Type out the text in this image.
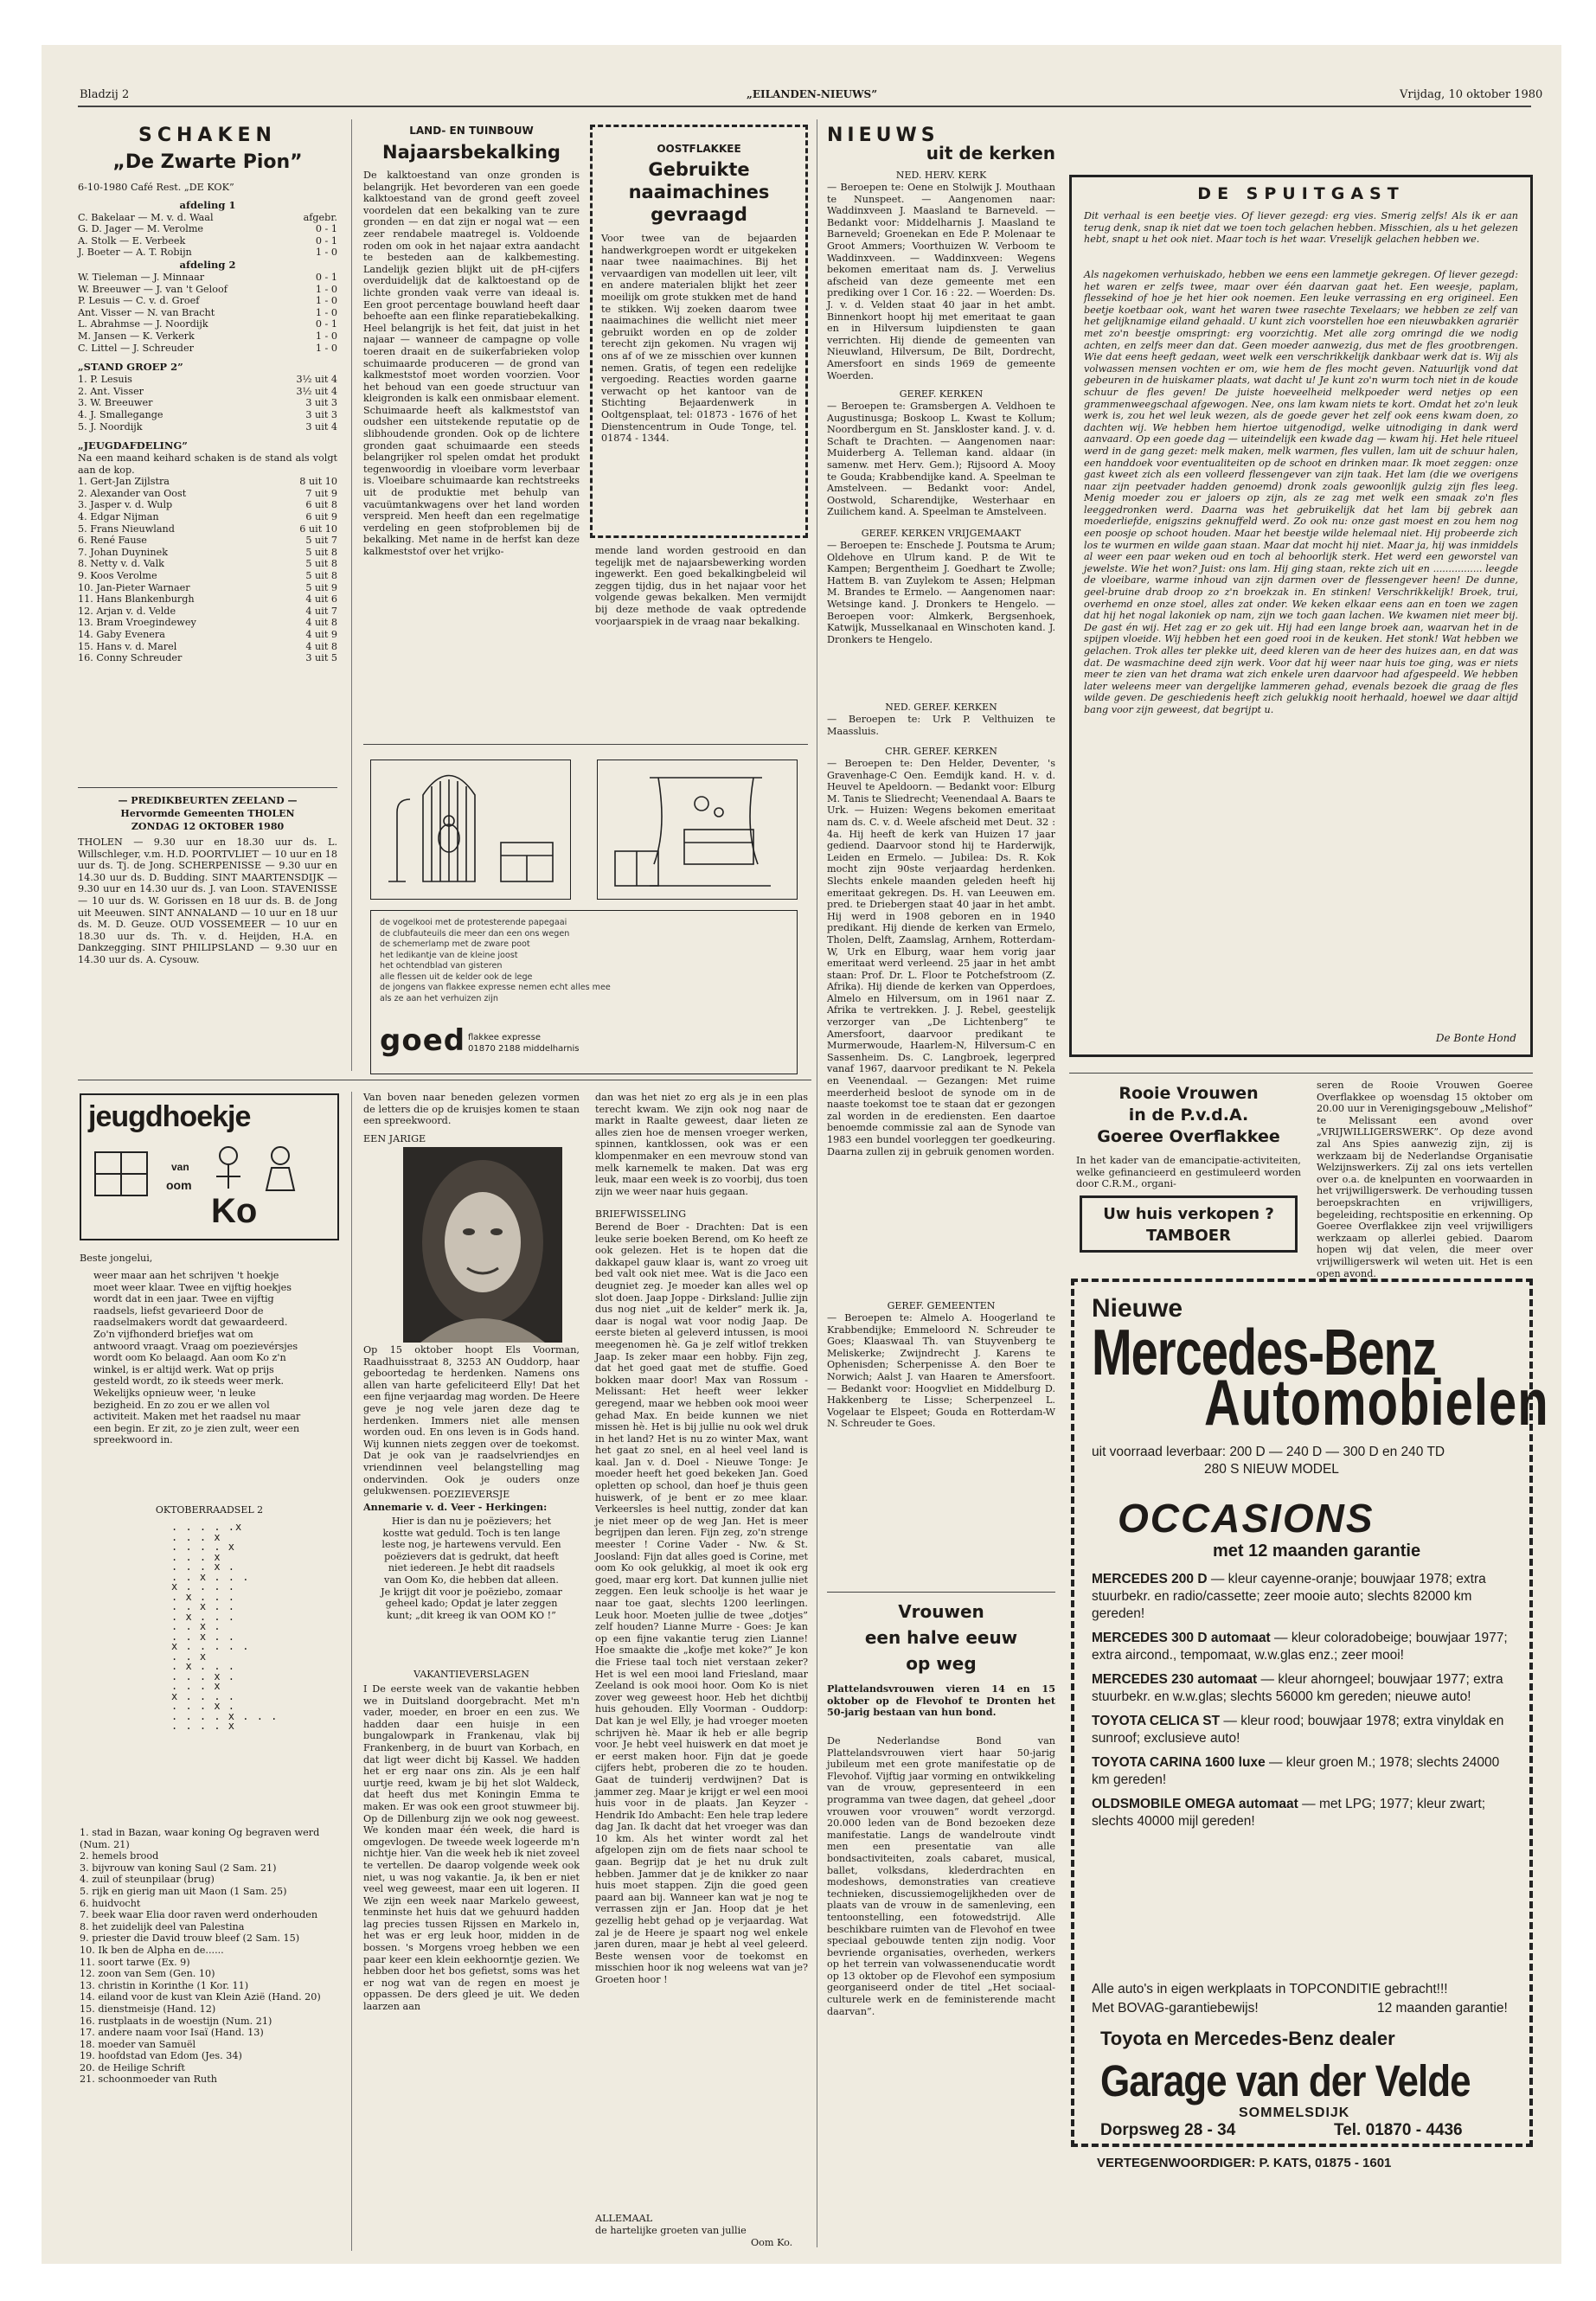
Bladzij 2	„EILANDEN-NIEUWS”	Vrijdag, 10 oktober 1980
SCHAKEN
„De Zwarte Pion”
6-10-1980 Café Rest. „DE KOK”
afdeling 1
C. Bakelaar — M. v. d. Waal	afgebr.
G. D. Jager — M. Verolme	0 - 1
A. Stolk — E. Verbeek	0 - 1
J. Boeter — A. T. Robijn	1 - 0
afdeling 2
W. Tieleman — J. Minnaar	0 - 1
W. Breeuwer — J. van 't Geloof	1 - 0
P. Lesuis — C. v. d. Groef	1 - 0
Ant. Visser — N. van Bracht	1 - 0
L. Abrahmse — J. Noordijk	0 - 1
M. Jansen — K. Verkerk	1 - 0
C. Littel — J. Schreuder	1 - 0
„STAND GROEP 2”
1. P. Lesuis	3½ uit 4
2. Ant. Visser	3½ uit 4
3. W. Breeuwer	3 uit 3
4. J. Smallegange	3 uit 3
5. J. Noordijk	3 uit 4
„JEUGDAFDELING”
Na een maand keihard schaken is de stand als volgt aan de kop.
1. Gert-Jan Zijlstra	8 uit 10
2. Alexander van Oost	7 uit 9
3. Jasper v. d. Wulp	6 uit 8
4. Edgar Nijman	6 uit 9
5. Frans Nieuwland	6 uit 10
6. René Fause	5 uit 7
7. Johan Duyninek	5 uit 8
8. Netty v. d. Valk	5 uit 8
9. Koos Verolme	5 uit 8
10. Jan-Pieter Warnaer	5 uit 9
11. Hans Blankenburgh	4 uit 6
12. Arjan v. d. Velde	4 uit 7
13. Bram Vroegindewey	4 uit 8
14. Gaby Evenera	4 uit 9
15. Hans v. d. Marel	4 uit 8
16. Conny Schreuder	3 uit 5
— PREDIKBEURTEN ZEELAND —
Hervormde Gemeenten THOLEN
ZONDAG 12 OKTOBER 1980
THOLEN — 9.30 uur en 18.30 uur ds. L. Willschleger, v.m. H.D. POORTVLIET — 10 uur en 18 uur ds. Tj. de Jong. SCHERPENISSE — 9.30 uur en 14.30 uur ds. D. Budding. SINT MAARTENSDIJK — 9.30 uur en 14.30 uur ds. J. van Loon. STAVENISSE — 10 uur ds. W. Gorissen en 18 uur ds. B. de Jong uit Meeuwen. SINT ANNALAND — 10 uur en 18 uur ds. M. D. Geuze. OUD VOSSEMEER — 10 uur en 18.30 uur ds. Th. v. d. Heijden, H.A. en Dankzegging. SINT PHILIPSLAND — 9.30 uur en 14.30 uur ds. A. Cysouw.
LAND- EN TUINBOUW
Najaarsbekalking
De kalktoestand van onze gronden is belangrijk. Het bevorderen van een goede kalktoestand van de grond geeft zoveel voordelen dat een bekalking van te zure gronden — en dat zijn er nogal wat — een zeer rendabele maatregel is. Voldoende roden om ook in het najaar extra aandacht te besteden aan de kalkbemesting. Landelijk gezien blijkt uit de pH-cijfers overduidelijk dat de kalktoestand op de lichte gronden vaak verre van ideaal is. Een groot percentage bouwland heeft daar behoefte aan een flinke reparatiebekalking. Heel belangrijk is het feit, dat juist in het najaar — wanneer de campagne op volle toeren draait en de suikerfabrieken volop schuimaarde produceren — de grond van kalkmeststof moet worden voorzien. Voor het behoud van een goede structuur van kleigronden is kalk een onmisbaar element. Schuimaarde heeft als kalkmeststof van oudsher een uitstekende reputatie op de slibhoudende gronden. Ook op de lichtere gronden gaat schuimaarde een steeds belangrijker rol spelen omdat het produkt tegenwoordig in vloeibare vorm leverbaar is. Vloeibare schuimaarde kan rechtstreeks uit de produktie met behulp van vacuümtankwagens over het land worden verspreid. Men heeft dan een regelmatige verdeling en geen stofproblemen bij de bekalking. Met name in de herfst kan deze kalkmeststof over het vrijko-
OOSTFLAKKEE
Gebruikte naaimachines gevraagd
Voor twee van de bejaarden handwerkgroepen wordt er uitgekeken naar twee naaimachines. Bij het vervaardigen van modellen uit leer, vilt en andere materialen blijkt het zeer moeilijk om grote stukken met de hand te stikken. Wij zoeken daarom twee naaimachines die wellicht niet meer gebruikt worden en op de zolder terecht zijn gekomen. Nu vragen wij ons af of we ze misschien over kunnen nemen. Gratis, of tegen een redelijke vergoeding. Reacties worden gaarne verwacht op het kantoor van de Stichting Bejaardenwerk in Ooltgensplaat, tel: 01873 - 1676 of het Dienstencentrum in Oude Tonge, tel. 01874 - 1344.
mende land worden gestrooid en dan tegelijk met de najaarsbewerking worden ingewerkt. Een goed bekalkingbeleid wil zeggen tijdig, dus in het najaar voor het volgende gewas bekalken. Men vermijdt bij deze methode de vaak optredende voorjaarspiek in de vraag naar bekalking.
de vogelkooi met de protesterende papegaai
de clubfauteuils die meer dan een ons wegen
de schemerlamp met de zware poot
het ledikantje van de kleine joost
het ochtendblad van gisteren
alle flessen uit de kelder ook de lege
de jongens van flakkee expresse nemen echt alles mee
als ze aan het verhuizen zijn
goed flakkee expresse
01870 2188 middelharnis
NIEUWS
uit de kerken
NED. HERV. KERK
— Beroepen te: Oene en Stolwijk J. Mouthaan te Nunspeet. — Aangenomen naar: Waddinxveen J. Maasland te Barneveld. — Bedankt voor: Middelharnis J. Maasland te Barneveld; Groenekan en Ede P. Molenaar te Groot Ammers; Voorthuizen W. Verboom te Waddinxveen. — Waddinxveen: Wegens bekomen emeritaat nam ds. J. Verwelius afscheid van deze gemeente met een prediking over 1 Cor. 16 : 22. — Woerden: Ds. J. v. d. Velden staat 40 jaar in het ambt. Binnenkort hoopt hij met emeritaat te gaan en in Hilversum luipdiensten te gaan verrichten. Hij diende de gemeenten van Nieuwland, Hilversum, De Bilt, Dordrecht, Amersfoort en sinds 1969 de gemeente Woerden.
GEREF. KERKEN
— Beroepen te: Gramsbergen A. Veldhoen te Augustinusga; Boskoop L. Kwast te Kollum; Noordbergum en St. Janskloster kand. J. v. d. Schaft te Drachten. — Aangenomen naar: Muiderberg A. Telleman kand. aldaar (in samenw. met Herv. Gem.); Rijsoord A. Mooy te Gouda; Krabbendijke kand. A. Speelman te Amstelveen. — Bedankt voor: Andel, Oostwold, Scharendijke, Westerhaar en Zuilichem kand. A. Speelman te Amstelveen.
GEREF. KERKEN VRIJGEMAAKT
— Beroepen te: Enschede J. Poutsma te Arum; Oldehove en Ulrum kand. P. de Wit te Kampen; Bergentheim J. Goedhart te Zwolle; Hattem B. van Zuylekom te Assen; Helpman M. Brandes te Ermelo. — Aangenomen naar: Wetsinge kand. J. Dronkers te Hengelo. — Beroepen voor: Almkerk, Bergsenhoek, Katwijk, Musselkanaal en Winschoten kand. J. Dronkers te Hengelo.
NED. GEREF. KERKEN
— Beroepen te: Urk P. Velthuizen te Maassluis.
CHR. GEREF. KERKEN
— Beroepen te: Den Helder, Deventer, 's Gravenhage-C Oen. Eemdijk kand. H. v. d. Heuvel te Apeldoorn. — Bedankt voor: Elburg M. Tanis te Sliedrecht; Veenendaal A. Baars te Urk. — Huizen: Wegens bekomen emeritaat nam ds. C. v. d. Weele afscheid met Deut. 32 : 4a. Hij heeft de kerk van Huizen 17 jaar gediend. Daarvoor stond hij te Harderwijk, Leiden en Ermelo. — Jubilea: Ds. R. Kok mocht zijn 90ste verjaardag herdenken. Slechts enkele maanden geleden heeft hij emeritaat gekregen. Ds. H. van Leeuwen em. pred. te Driebergen staat 40 jaar in het ambt. Hij werd in 1908 geboren en in 1940 predikant. Hij diende de kerken van Ermelo, Tholen, Delft, Zaamslag, Arnhem, Rotterdam-W, Urk en Elburg, waar hem vorig jaar emeritaat werd verleend. 25 jaar in het ambt staan: Prof. Dr. L. Floor te Potchefstroom (Z. Afrika). Hij diende de kerken van Opperdoes, Almelo en Hilversum, om in 1961 naar Z. Afrika te vertrekken. J. J. Rebel, geestelijk verzorger van „De Lichtenberg” te Amersfoort, daarvoor predikant te Murmerwoude, Haarlem-N, Hilversum-C en Sassenheim. Ds. C. Langbroek, legerpred vanaf 1967, daarvoor predikant te N. Pekela en Veenendaal. — Gezangen: Met ruime meerderheid besloot de synode om in de naaste toekomst toe te staan dat er gezongen zal worden in de erediensten. Een daartoe benoemde commissie zal aan de Synode van 1983 een bundel voorleggen ter goedkeuring. Daarna zullen zij in gebruik genomen worden.
GEREF. GEMEENTEN
— Beroepen te: Almelo A. Hoogerland te Krabbendijke; Emmeloord N. Schreuder te Goes; Klaaswaal Th. van Stuyvenberg te Meliskerke; Zwijndrecht J. Karens te Ophenisden; Scherpenisse A. den Boer te Norwich; Aalst J. van Haaren te Amersfoort. — Bedankt voor: Hoogvliet en Middelburg D. Hakkenberg te Lisse; Scherpenzeel L. Vogelaar te Elspeet; Gouda en Rotterdam-W N. Schreuder te Goes.
Vrouwen
een halve eeuw
op weg
Plattelandsvrouwen vieren 14 en 15 oktober op de Flevohof te Dronten het 50-jarig bestaan van hun bond.
De Nederlandse Bond van Plattelandsvrouwen viert haar 50-jarig jubileum met een grote manifestatie op de Flevohof. Vijftig jaar vorming en ontwikkeling van de vrouw, gepresenteerd in een programma van twee dagen, dat geheel „door vrouwen voor vrouwen” wordt verzorgd. 20.000 leden van de Bond bezoeken deze manifestatie. Langs de wandelroute vindt men een presentatie van alle bondsactiviteiten, zoals cabaret, musical, ballet, volksdans, klederdrachten en modeshows, demonstraties van creatieve technieken, discussiemogelijkheden over de plaats van de vrouw in de samenleving, een tentoonstelling, een fotowedstrijd. Alle beschikbare ruimten van de Flevohof en twee speciaal gebouwde tenten zijn nodig. Voor bevriende organisaties, overheden, werkers op het terrein van volwassenenducatie wordt op 13 oktober op de Flevohof een symposium georganiseerd onder de titel „Het sociaal-culturele werk en de feministerende macht daarvan”.
DE SPUITGAST
Dit verhaal is een beetje vies. Of liever gezegd: erg vies. Smerig zelfs! Als ik er aan terug denk, snap ik niet dat we toen toch gelachen hebben. Misschien, als u het gelezen hebt, snapt u het ook niet. Maar toch is het waar. Vreselijk gelachen hebben we.
Als nagekomen verhuiskado, hebben we eens een lammetje gekregen. Of liever gezegd: het waren er zelfs twee, maar over één daarvan gaat het. Een weesje, paplam, flessekind of hoe je het hier ook noemen. Een leuke verrassing en erg origineel. Een beetje koetbaar ook, want het waren twee rasechte Texelaars; we hebben ze zelf van het gelijknamige eiland gehaald. U kunt zich voorstellen hoe een nieuwbakken agrariër met zo'n beestje omspringt: erg voorzichtig. Met alle zorg omringd die we nodig achten, en zelfs meer dan dat. Geen moeder aanwezig, dus met de fles grootbrengen. Wie dat eens heeft gedaan, weet welk een verschrikkelijk dankbaar werk dat is. Wij als volwassen mensen vochten er om, wie hem de fles mocht geven. Natuurlijk vond dat gebeuren in de huiskamer plaats, wat dacht u! Je kunt zo'n wurm toch niet in de koude schuur de fles geven! De juiste hoeveelheid melkpoeder werd netjes op een grammenweegschaal afgewogen. Nee, ons lam kwam niets te kort. Omdat het zo'n leuk werk is, zou het wel leuk wezen, als de goede gever het zelf ook eens kwam doen, zo dachten wij. We hebben hem hiertoe uitgenodigd, welke uitnodiging in dank werd aanvaard. Op een goede dag — uiteindelijk een kwade dag — kwam hij. Het hele ritueel werd in de gang gezet: melk maken, melk warmen, fles vullen, lam uit de schuur halen, een handdoek voor eventualiteiten op de schoot en drinken maar. Ik moet zeggen: onze gast kweet zich als een volleerd flessengever van zijn taak. Het lam (die we overigens naar zijn peetvader hadden genoemd) dronk zoals gewoonlijk gulzig zijn fles leeg. Menig moeder zou er jaloers op zijn, als ze zag met welk een smaak zo'n fles leeggedronken werd. Daarna was het gebruikelijk dat het lam bij gebrek aan moederliefde, enigszins geknuffeld werd. Zo ook nu: onze gast moest en zou hem nog een poosje op schoot houden. Maar het beestje wilde helemaal niet. Hij probeerde zich los te wurmen en wilde gaan staan. Maar dat mocht hij niet. Maar ja, hij was inmiddels al weer een paar weken oud en toch al behoorlijk sterk. Het werd een geworstel van jewelste. Wie het won? Juist: ons lam. Hij ging staan, rekte zich uit en ................ leegde de vloeibare, warme inhoud van zijn darmen over de flessengever heen! De dunne, geel-bruine drab droop zo z'n broekzak in. En stinken! Verschrikkelijk! Broek, trui, overhemd en onze stoel, alles zat onder. We keken elkaar eens aan en toen we zagen dat hij het nogal lakoniek op nam, zijn we toch gaan lachen. We kwamen niet meer bij. De gast én wij. Het zag er zo gek uit. Hij had een lange broek aan, waarvan het in de spijpen vloeide. Wij hebben het een goed rooi in de keuken. Het stonk! Wat hebben we gelachen. Trok alles ter plekke uit, deed kleren van de heer des huizes aan, en dat was dat. De wasmachine deed zijn werk. Voor dat hij weer naar huis toe ging, was er niets meer te zien van het drama wat zich enkele uren daarvoor had afgespeeld. We hebben later weleens meer van dergelijke lammeren gehad, evenals bezoek die graag de fles wilde geven. De geschiedenis heeft zich gelukkig nooit herhaald, hoewel we daar altijd bang voor zijn geweest, dat begrijpt u.
De Bonte Hond
Rooie Vrouwen
in de P.v.d.A.
Goeree Overflakkee
In het kader van de emancipatie-activiteiten, welke gefinancieerd en gestimuleerd worden door C.R.M., organi-
seren de Rooie Vrouwen Goeree Overflakkee op woensdag 15 oktober om 20.00 uur in Verenigingsgebouw „Melishof” te Melissant een avond over „VRIJWILLIGERSWERK”. Op deze avond zal Ans Spies aanwezig zijn, zij is werkzaam bij de Nederlandse Organisatie Welzijnswerkers. Zij zal ons iets vertellen over o.a. de knelpunten en voorwaarden in het vrijwilligerswerk. De verhouding tussen beroepskrachten en vrijwilligers, begeleiding, rechtspositie en erkenning. Op Goeree Overflakkee zijn veel vrijwilligers werkzaam op allerlei gebied. Daarom hopen wij dat velen, die meer over vrijwilligerswerk wil weten uit. Het is een open avond.
Uw huis verkopen ?
TAMBOER
Nieuwe Mercedes-Benz
Automobielen
uit voorraad leverbaar: 200 D — 240 D — 300 D en 240 TD
280 S NIEUW MODEL
OCCASIONS
met 12 maanden garantie
MERCEDES 200 D — kleur cayenne-oranje; bouwjaar 1978; extra stuurbekr. en radio/cassette; zeer mooie auto; slechts 82000 km gereden!
MERCEDES 300 D automaat — kleur coloradobeige; bouwjaar 1977; extra aircond., tempomaat, w.w.glas enz.; zeer mooi!
MERCEDES 230 automaat — kleur ahorngeel; bouwjaar 1977; extra stuurbekr. en w.w.glas; slechts 56000 km gereden; nieuwe auto!
TOYOTA CELICA ST — kleur rood; bouwjaar 1978; extra vinyldak en sunroof; exclusieve auto!
TOYOTA CARINA 1600 luxe — kleur groen M.; 1978; slechts 24000 km gereden!
OLDSMOBILE OMEGA automaat — met LPG; 1977; kleur zwart; slechts 40000 mijl gereden!
Alle auto's in eigen werkplaats in TOPCONDITIE gebracht!!!
Met BOVAG-garantiebewijs!	12 maanden garantie!
Toyota en Mercedes-Benz dealer
Garage van der Velde
SOMMELSDIJK
Dorpsweg 28 - 34	Tel. 01870 - 4436
VERTEGENWOORDIGER: P. KATS, 01875 - 1601
jeugdhoekje
van
oom
Ko
Beste jongelui,
weer maar aan het schrijven 't hoekje moet weer klaar. Twee en vijftig hoekjes wordt dat in een jaar. Twee en vijftig raadsels, liefst gevarieerd Door de raadselmakers wordt dat gewaardeerd. Zo'n vijfhonderd briefjes wat om antwoord vraagt. Vraag om poezievérsjes wordt oom Ko belaagd. Aan oom Ko z'n winkel, is er altijd werk. Wat op prijs gesteld wordt, zo ik steeds weer merk. Wekelijks opnieuw weer, 'n leuke bezigheid. En zo zou er we allen vol activiteit. Maken met het raadsel nu maar een begin. Er zit, zo je zien zult, weer een spreekwoord in.
OKTOBERRAADSEL 2
. . . . .x
. . . x
. . . . x
. . . x
. . . x .
. . x . . .
x . . . .
. x . . .
. . x . .
. x . . .
. . x .
. . x . .
x . . . . .
. . x
. x . . .
. . . x .
. . . x
x . . . .
. . . x .
. . . . x . . .
. . . . x
1. stad in Bazan, waar koning Og begraven werd (Num. 21)
2. hemels brood
3. bijvrouw van koning Saul (2 Sam. 21)
4. zuil of steunpilaar (brug)
5. rijk en gierig man uit Maon (1 Sam. 25)
6. huidvocht
7. beek waar Elia door raven werd onderhouden
8. het zuidelijk deel van Palestina
9. priester die David trouw bleef (2 Sam. 15)
10. Ik ben de Alpha en de......
11. soort tarwe (Ex. 9)
12. zoon van Sem (Gen. 10)
13. christin in Korinthe (1 Kor. 11)
14. eiland voor de kust van Klein Azië (Hand. 20)
15. dienstmeisje (Hand. 12)
16. rustplaats in de woestijn (Num. 21)
17. andere naam voor Isaï (Hand. 13)
18. moeder van Samuël
19. hoofdstad van Edom (Jes. 34)
20. de Heilige Schrift
21. schoonmoeder van Ruth
Van boven naar beneden gelezen vormen de letters die op de kruisjes komen te staan een spreekwoord.
EEN JARIGE
Op 15 oktober hoopt Els Voorman, Raadhuisstraat 8, 3253 AN Ouddorp, haar geboortedag te herdenken. Namens ons allen van harte gefeliciteerd Elly! Dat het een fijne verjaardag mag worden. De Heere geve je nog vele jaren deze dag te herdenken. Immers niet alle mensen worden oud. En ons leven is in Gods hand. Wij kunnen niets zeggen over de toekomst. Dat je ook van je raadselvriendjes en vriendinnen veel belangstelling mag ondervinden. Ook je ouders onze gelukwensen. POEZIEVERSJE
Annemarie v. d. Veer - Herkingen:
Hier is dan nu je poëzievers; het kostte wat geduld. Toch is ten lange leste nog, je hartewens vervuld. Een poëzievers dat is gedrukt, dat heeft niet iedereen. Je hebt dit raadsels van Oom Ko, die hebben dat alleen. Je krijgt dit voor je poëziebo, zomaar geheel kado; Opdat je later zeggen kunt; „dit kreeg ik van OOM KO !”
VAKANTIEVERSLAGEN
I De eerste week van de vakantie hebben we in Duitsland doorgebracht. Met m'n vader, moeder, en broer en een zus. We hadden daar een huisje in een bungalowpark in Frankenau, vlak bij Frankenberg, in de buurt van Korbach, en dat ligt weer dicht bij Kassel. We hadden het er erg naar ons zin. Als je een half uurtje reed, kwam je bij het slot Waldeck, dat heeft dus met Koningin Emma te maken. Er was ook een groot stuwmeer bij. Op de Dillenburg zijn we ook nog geweest. We konden maar één week, die hard is omgevlogen. De tweede week logeerde m'n nichtje hier. Van die week heb ik niet zoveel te vertellen. De daarop volgende week ook niet, u was nog vakantie. Ja, ik ben er niet veel weg geweest, maar een uit logeren. II We zijn een week naar Markelo geweest, tenminste het huis dat we gehuurd hadden lag precies tussen Rijssen en Markelo in, het was er erg leuk hoor, midden in de bossen. 's Morgens vroeg hebben we een paar keer een klein eekhoorntje gezien. We hebben door het bos gefietst, soms was het er nog wat van de regen en moest je oppassen. De ders gleed je uit. We deden laarzen aan
dan was het niet zo erg als je in een plas terecht kwam. We zijn ook nog naar de markt in Raalte geweest, daar lieten ze alles zien hoe de mensen vroeger werken, spinnen, kantklossen, ook was er een klompenmaker en een mevrouw stond van melk karnemelk te maken. Dat was erg leuk, maar een week is zo voorbij, dus toen zijn we weer naar huis gegaan.
BRIEFWISSELING
Berend de Boer - Drachten: Dat is een leuke serie boeken Berend, om Ko heeft ze ook gelezen. Het is te hopen dat die dakkapel gauw klaar is, want zo vroeg uit bed valt ook niet mee. Wat is die Jaco een deugniet zeg. Je moeder kan alles wel op slot doen. Jaap Joppe - Dirksland: Jullie zijn dus nog niet „uit de kelder” merk ik. Ja, daar is nogal wat voor nodig Jaap. De eerste bieten al geleverd intussen, is mooi meegenomen hè. Ga je zelf witlof trekken Jaap. Is zeker maar een hobby. Fijn zeg, dat het goed gaat met de stuffie. Goed bokken maar door! Max van Rossum - Melissant: Het heeft weer lekker geregend, maar we hebben ook mooi weer gehad Max. En beide kunnen we niet missen hè. Het is bij jullie nu ook wel druk in het land? Het is nu zo winter Max, want het gaat zo snel, en al heel veel land is kaal. Jan v. d. Doel - Nieuwe Tonge: Je moeder heeft het goed bekeken Jan. Goed opletten op school, dan hoef je thuis geen huiswerk, of je bent er zo mee klaar. Verkeersles is heel nuttig, zonder dat kan je niet meer op de weg Jan. Het is meer begrijpen dan leren. Fijn zeg, zo'n strenge meester ! Corine Vader - Nw. & St. Joosland: Fijn dat alles goed is Corine, met oom Ko ook gelukkig, al moet ik ook erg goed, maar erg kort. Dat kunnen jullie niet zeggen. Een leuk schoolje is het waar je naar toe gaat, slechts 1200 leerlingen. Leuk hoor. Moeten jullie de twee „dotjes” zelf houden? Lianne Murre - Goes: Je kan op een fijne vakantie terug zien Lianne! Hoe smaakte die „kofje met koke?” Je kon die Friese taal toch niet verstaan zeker? Het is wel een mooi land Friesland, maar Zeeland is ook mooi hoor. Oom Ko is niet zover weg geweest hoor. Heb het dichtbij huis gehouden. Elly Voorman - Ouddorp: Dat kan je wel Elly, je had vroeger moeten schrijven hè. Maar ik heb er alle begrip voor. Je hebt veel huiswerk en dat moet je er eerst maken hoor. Fijn dat je goede cijfers hebt, proberen die zo te houden. Gaat de tuinderij verdwijnen? Dat is jammer zeg. Maar je krijgt er wel een mooi huis voor in de plaats. Jan Keyzer - Hendrik Ido Ambacht: Een hele trap ledere dag Jan. Ik dacht dat het vroeger was dan 10 km. Als het winter wordt zal het afgelopen zijn om de fiets naar school te gaan. Begrijp dat je het nu druk zult hebben. Jammer dat je de knikker zo naar huis moet stappen. Zijn die goed geen paard aan bij. Wanneer kan wat je nog te verrassen zijn er Jan. Hoop dat je het gezellig hebt gehad op je verjaardag. Wat zal je de Heere je spaart nog wel enkele jaren duren, maar je hebt al veel geleerd. Beste wensen voor de toekomst en misschien hoor ik nog weleens wat van je? Groeten hoor !
ALLEMAAL
de hartelijke groeten van jullie
Oom Ko.
